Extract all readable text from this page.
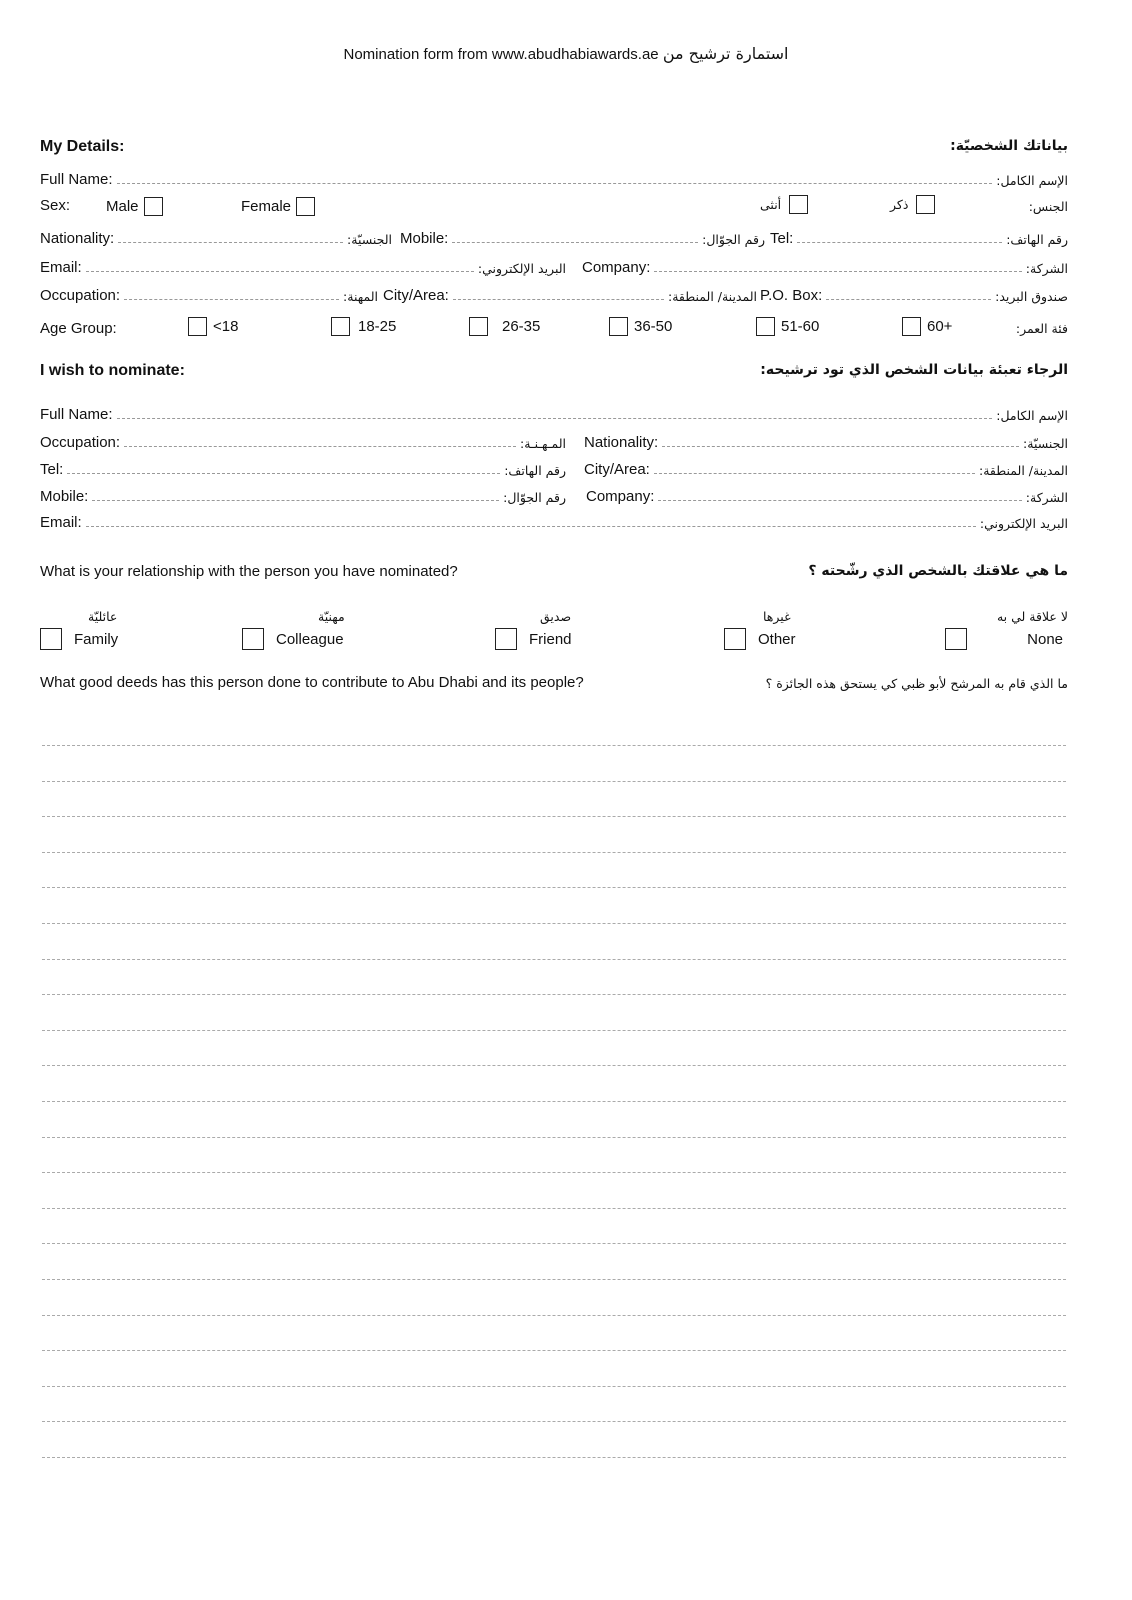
Nomination form from www.abudhabiawards.ae استمارة ترشيح من
My Details:	بياناتك الشخصيّة:
Full Name:	الإسم الكامل:
Sex: Male	Female	أنثى	ذكر	الجنس:
Nationality:	الجنسيّة: Mobile:	رقم الجوّال: Tel:	رقم الهاتف:
Email:	البريد الإلكتروني: Company:	الشركة:
Occupation:	المهنة: City/Area:	المدينة/ المنطقة: P.O. Box:	صندوق البريد:
Age Group:	<18	18-25	26-35	36-50	51-60	60+	فئة العمر:
I wish to nominate:	الرجاء تعبئة بيانات الشخص الذي تود ترشيحه:
Full Name:	الإسم الكامل:
Occupation:	المـهـنـة: Nationality:	الجنسيّة:
Tel:	رقم الهاتف: City/Area:	المدينة/ المنطقة:
Mobile:	رقم الجوّال: Company:	الشركة:
Email:	البريد الإلكتروني:
What is your relationship with the person you have nominated?	ما هي علاقتك بالشخص الذي رشّحته ؟
عائليّة
Family
مهنيّة
Colleague
صديق
Friend
غيرها
Other
لا علاقة لي به
None
What good deeds has this person done to contribute to Abu Dhabi and its people?	ما الذي قام به المرشح لأبو ظبي كي يستحق هذه الجائزة ؟
